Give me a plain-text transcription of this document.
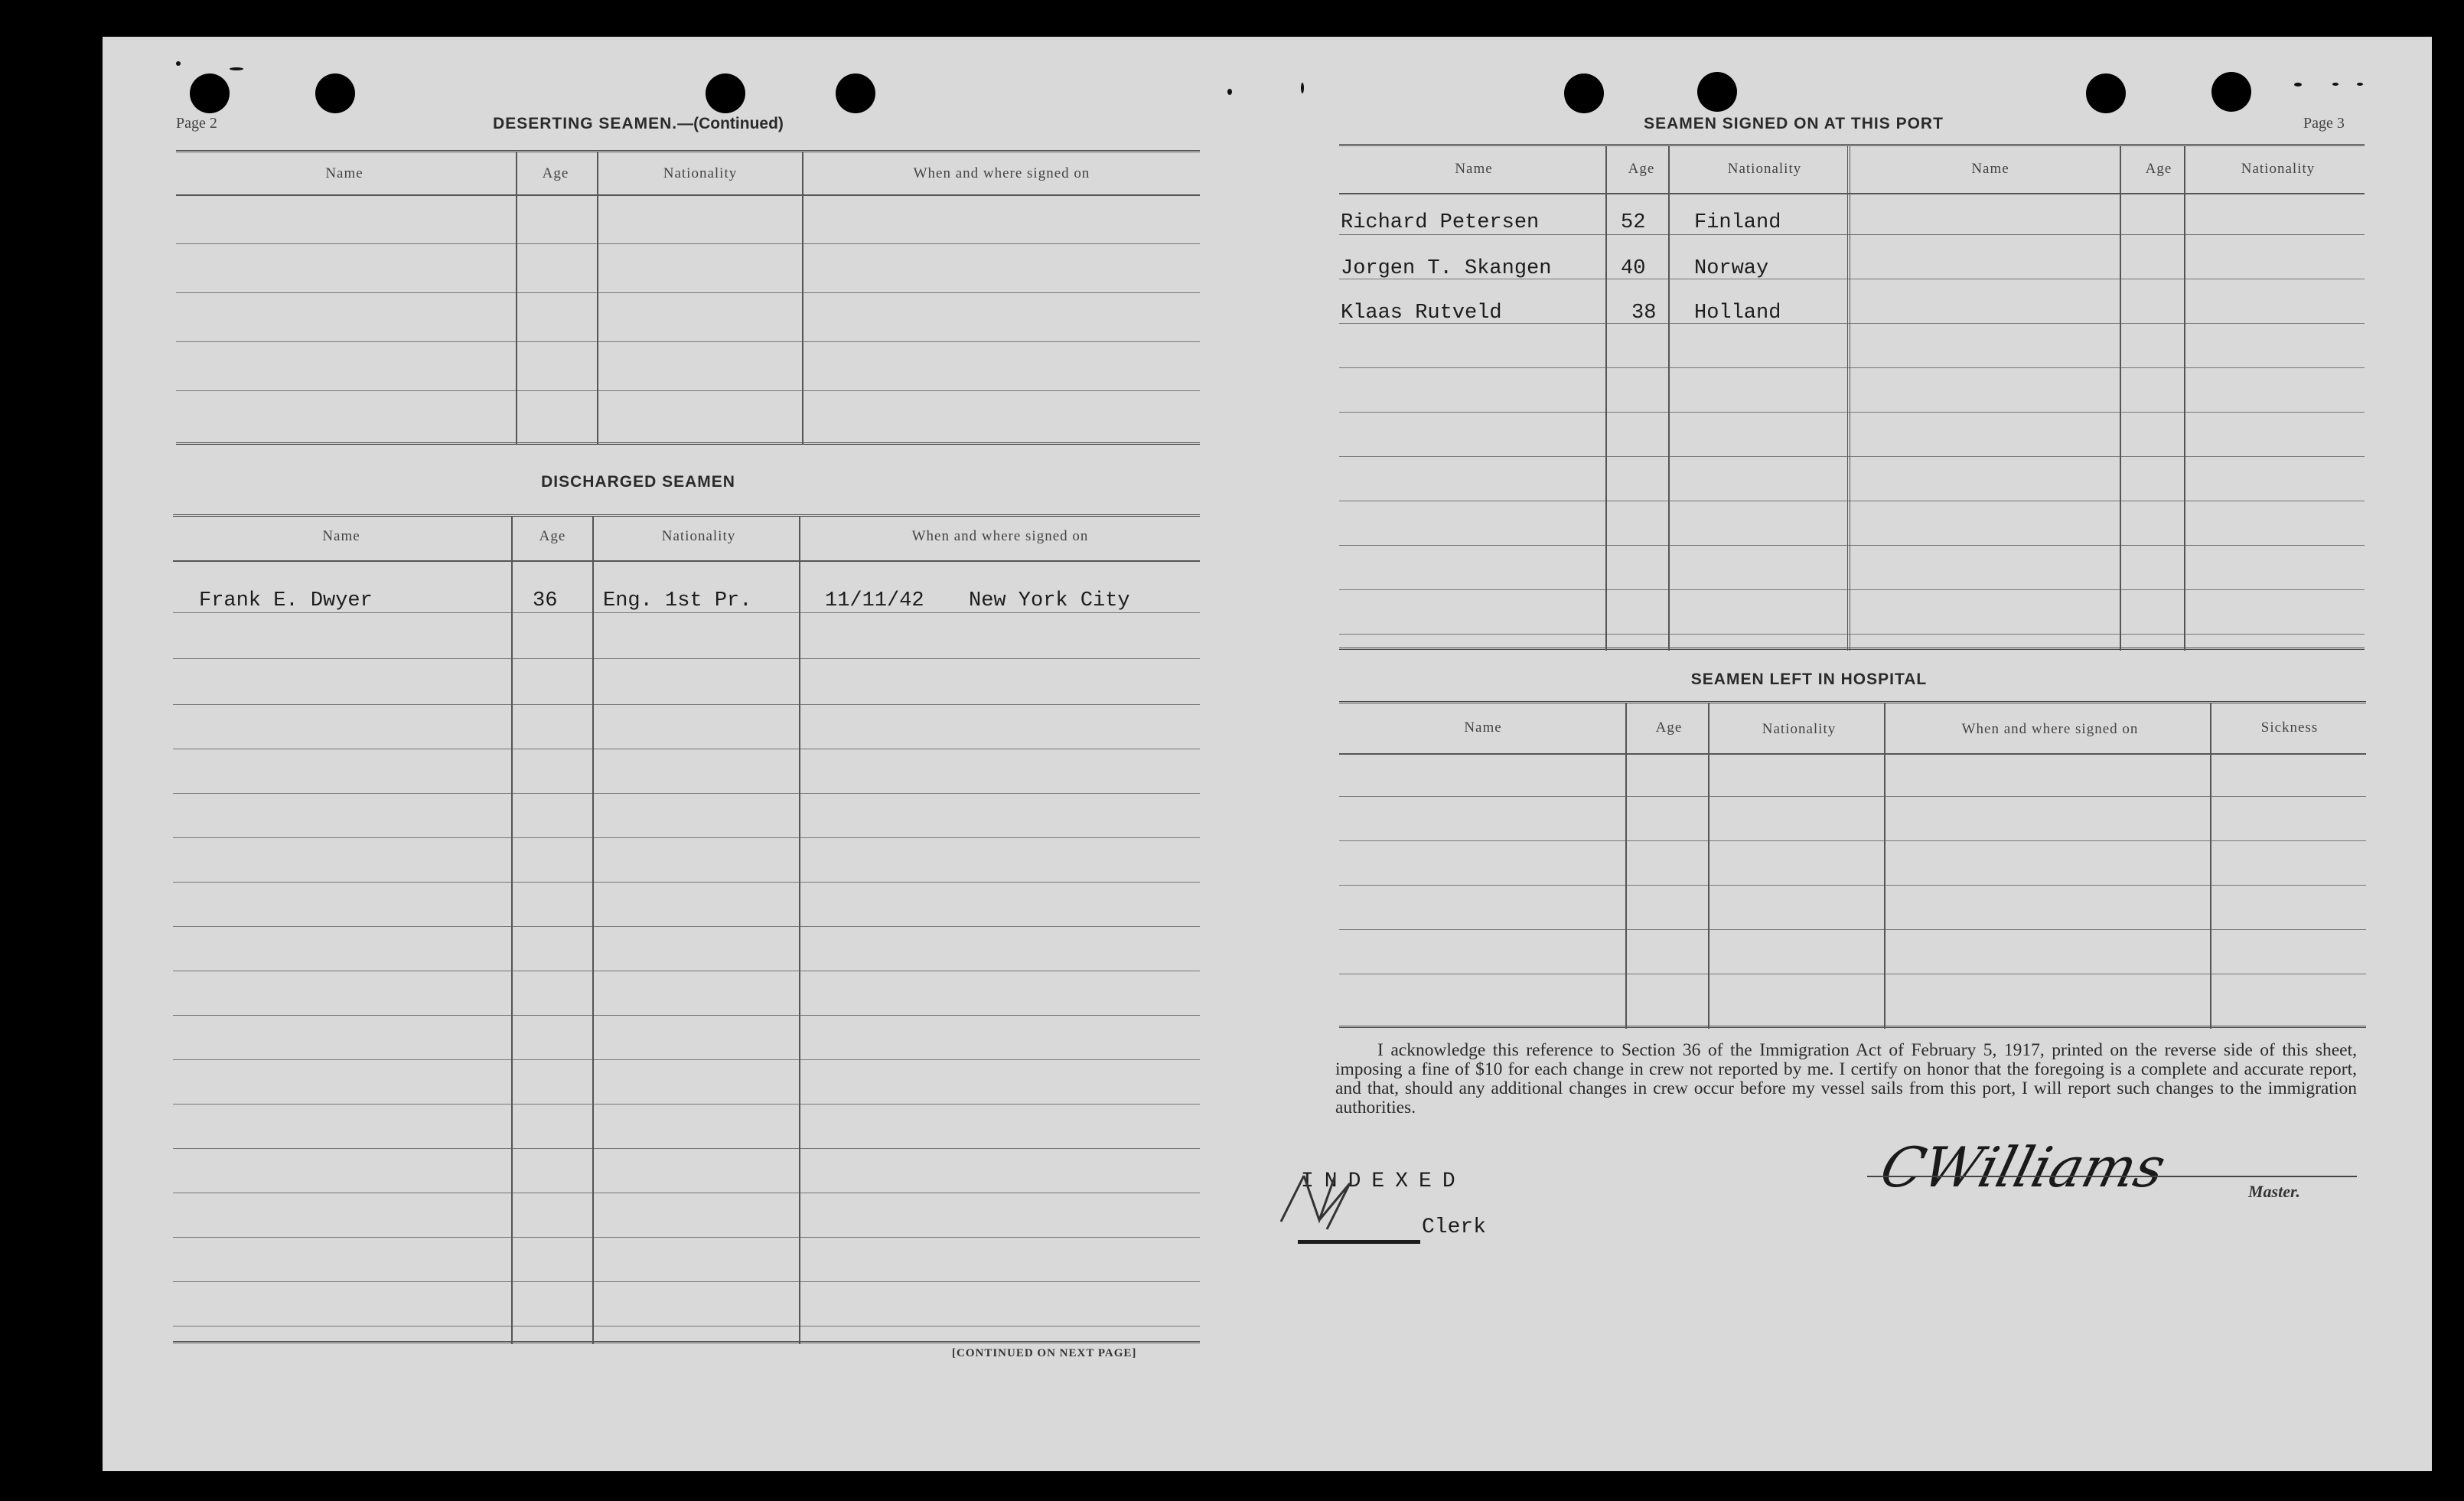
Page 2	DESERTING SEAMEN.—(Continued)
Name	Age	Nationality	When and where signed on
DISCHARGED SEAMEN
Name	Age	Nationality	When and where signed on
Frank E. Dwyer	36 Eng. 1st Pr.	11/11/42 New York City
[CONTINUED ON NEXT PAGE]
SEAMEN SIGNED ON AT THIS PORT	Page 3
Name	Age	Nationality	Name	Age	Nationality
Richard Petersen	52 Finland
Jorgen T. Skangen	40 Norway
Klaas Rutveld	38 Holland
SEAMEN LEFT IN HOSPITAL
Name	Age	Nationality	When and where signed on	Sickness

I acknowledge this reference to Section 36 of the Immigration Act of February 5, 1917, printed on the reverse side of this sheet, imposing a fine of $10 for each change in crew not reported by me. I certify on honor that the foregoing is a complete and accurate report, and that, should any additional changes in crew occur before my vessel sails from this port, I will report such changes to the immigration authorities.

INDEXED
Clerk
CWilliams	Master.
